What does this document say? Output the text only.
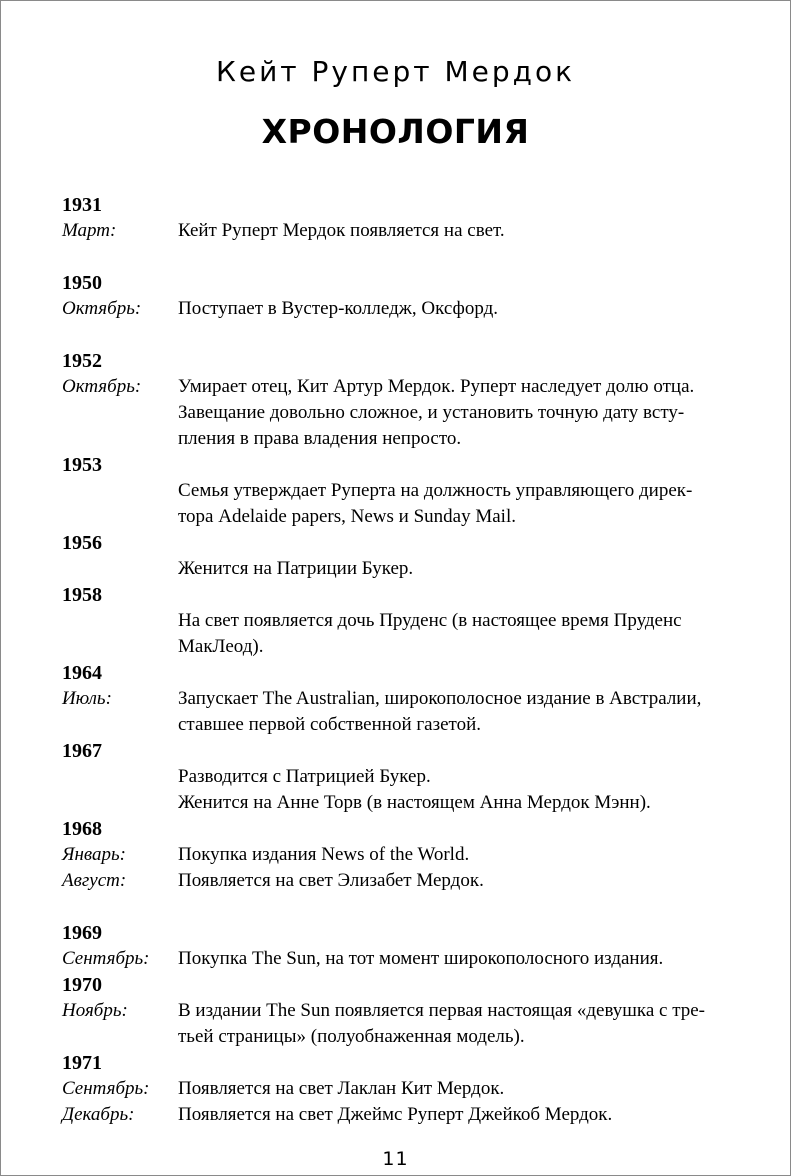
Кейт Руперт Мердок
ХРОНОЛОГИЯ
1931
Март:	Кейт Руперт Мердок появляется на свет.
1950
Октябрь: Поступает в Вустер-колледж, Оксфорд.
1952
Октябрь: Умирает отец, Кит Артур Мердок. Руперт наследует долю отца.
Завещание довольно сложное, и установить точную дату всту-
пления в права владения непросто.
1953
Семья утверждает Руперта на должность управляющего дирек-
тора Adelaide papers, News и Sunday Mail.
1956
Женится на Патриции Букер.
1958
На свет появляется дочь Пруденс (в настоящее время Пруденс
МакЛеод).
1964
Июль:	Запускает The Australian, широкополосное издание в Австралии,
ставшее первой собственной газетой.
1967
Разводится с Патрицией Букер.
Женится на Анне Торв (в настоящем Анна Мердок Мэнн).
1968
Январь:	Покупка издания News of the World.
Август:	Появляется на свет Элизабет Мердок.
1969
Сентябрь: Покупка The Sun, на тот момент широкополосного издания.
1970
Ноябрь:	В издании The Sun появляется первая настоящая «девушка с тре-
тьей страницы» (полуобнаженная модель).
1971
Сентябрь: Появляется на свет Лаклан Кит Мердок.
Декабрь: Появляется на свет Джеймс Руперт Джейкоб Мердок.
11
